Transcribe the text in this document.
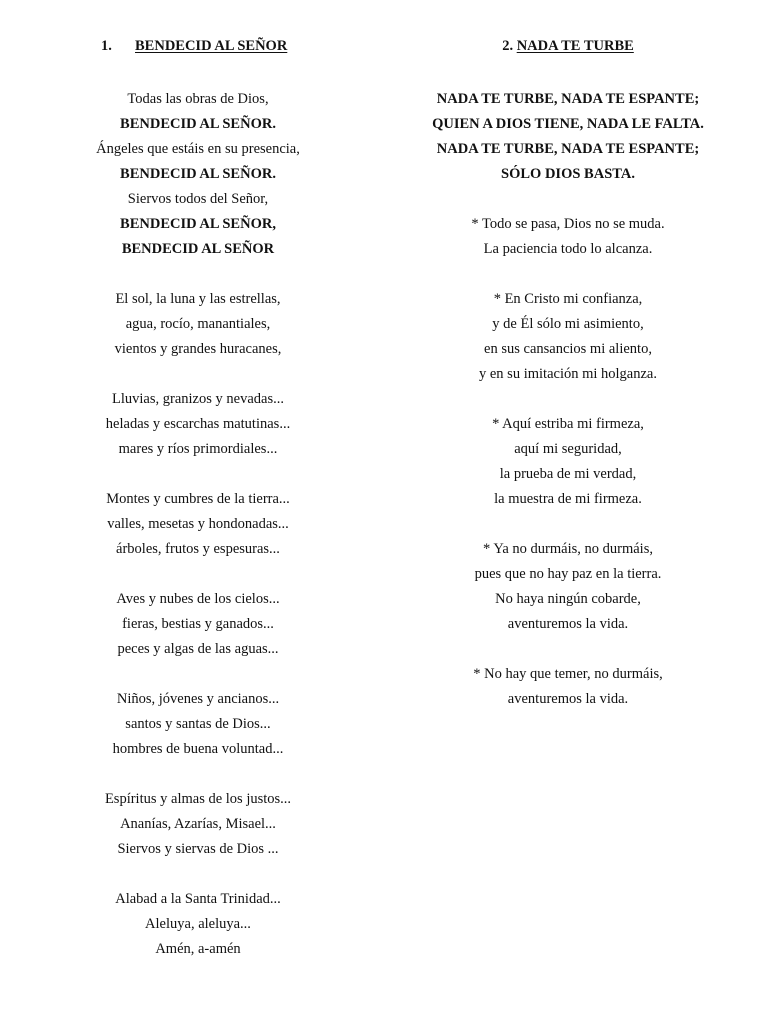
1. BENDECID AL SEÑOR
Todas las obras de Dios,
BENDECID AL SEÑOR.
Ángeles que estáis en su presencia,
BENDECID AL SEÑOR.
Siervos todos del Señor,
BENDECID AL SEÑOR,
BENDECID AL SEÑOR
El sol, la luna y las estrellas,
agua, rocío, manantiales,
vientos y grandes huracanes,
Lluvias, granizos y nevadas...
heladas y escarchas matutinas...
mares y ríos primordiales...
Montes y cumbres de la tierra...
valles, mesetas y hondonadas...
árboles, frutos y espesuras...
Aves y nubes de los cielos...
fieras, bestias y ganados...
peces y algas de las aguas...
Niños, jóvenes y ancianos...
santos y santas de Dios...
hombres de buena voluntad...
Espíritus y almas de los justos...
Ananías, Azarías, Misael...
Siervos y siervas de Dios ...
Alabad a la Santa Trinidad...
Aleluya, aleluya...
Amén, a-amén
2. NADA TE TURBE
NADA TE TURBE, NADA TE ESPANTE;
QUIEN A DIOS TIENE, NADA LE FALTA.
NADA TE TURBE, NADA TE ESPANTE;
SÓLO DIOS BASTA.
* Todo se pasa, Dios no se muda.
La paciencia todo lo alcanza.
* En Cristo mi confianza,
y de Él sólo mi asimiento,
en sus cansancios mi aliento,
y en su imitación mi holganza.
* Aquí estriba mi firmeza,
aquí mi seguridad,
la prueba de mi verdad,
la muestra de mi firmeza.
* Ya no durmáis, no durmáis,
pues que no hay paz en la tierra.
No haya ningún cobarde,
aventuremos la vida.
* No hay que temer, no durmáis,
aventuremos la vida.
